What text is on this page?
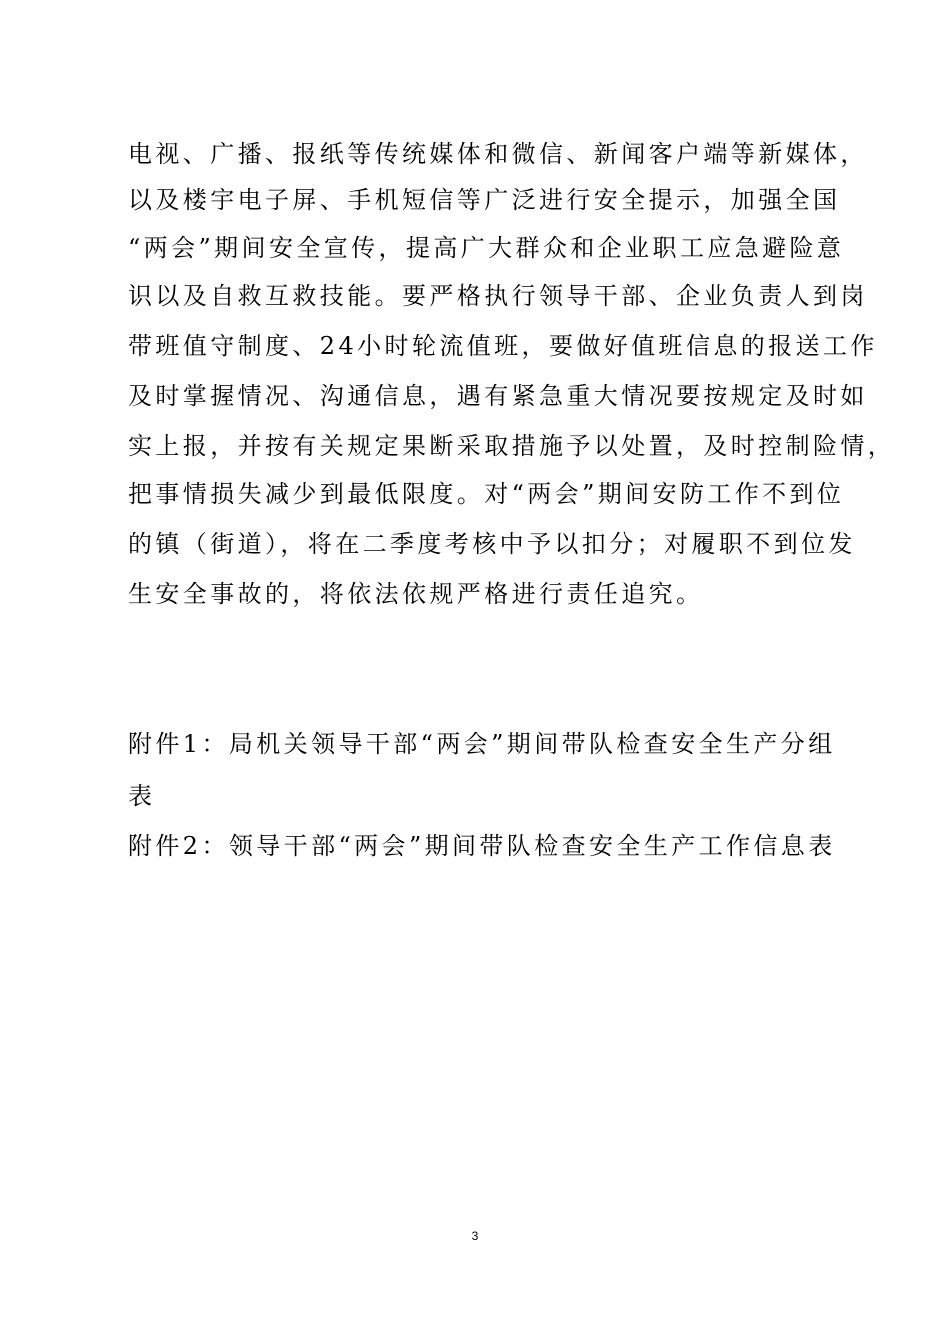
电视、广播、报纸等传统媒体和微信、新闻客户端等新媒体，
以及楼宇电子屏、手机短信等广泛进行安全提示，加强全国
“两会”期间安全宣传，提高广大群众和企业职工应急避险意
识以及自救互救技能。要严格执行领导干部、企业负责人到岗
带班值守制度、24小时轮流值班，要做好值班信息的报送工作
及时掌握情况、沟通信息，遇有紧急重大情况要按规定及时如
实上报，并按有关规定果断采取措施予以处置，及时控制险情，
把事情损失减少到最低限度。对“两会”期间安防工作不到位
的镇（街道），将在二季度考核中予以扣分；对履职不到位发
生安全事故的，将依法依规严格进行责任追究。
附件1：局机关领导干部“两会”期间带队检查安全生产分组
表
附件2：领导干部“两会”期间带队检查安全生产工作信息表
3
